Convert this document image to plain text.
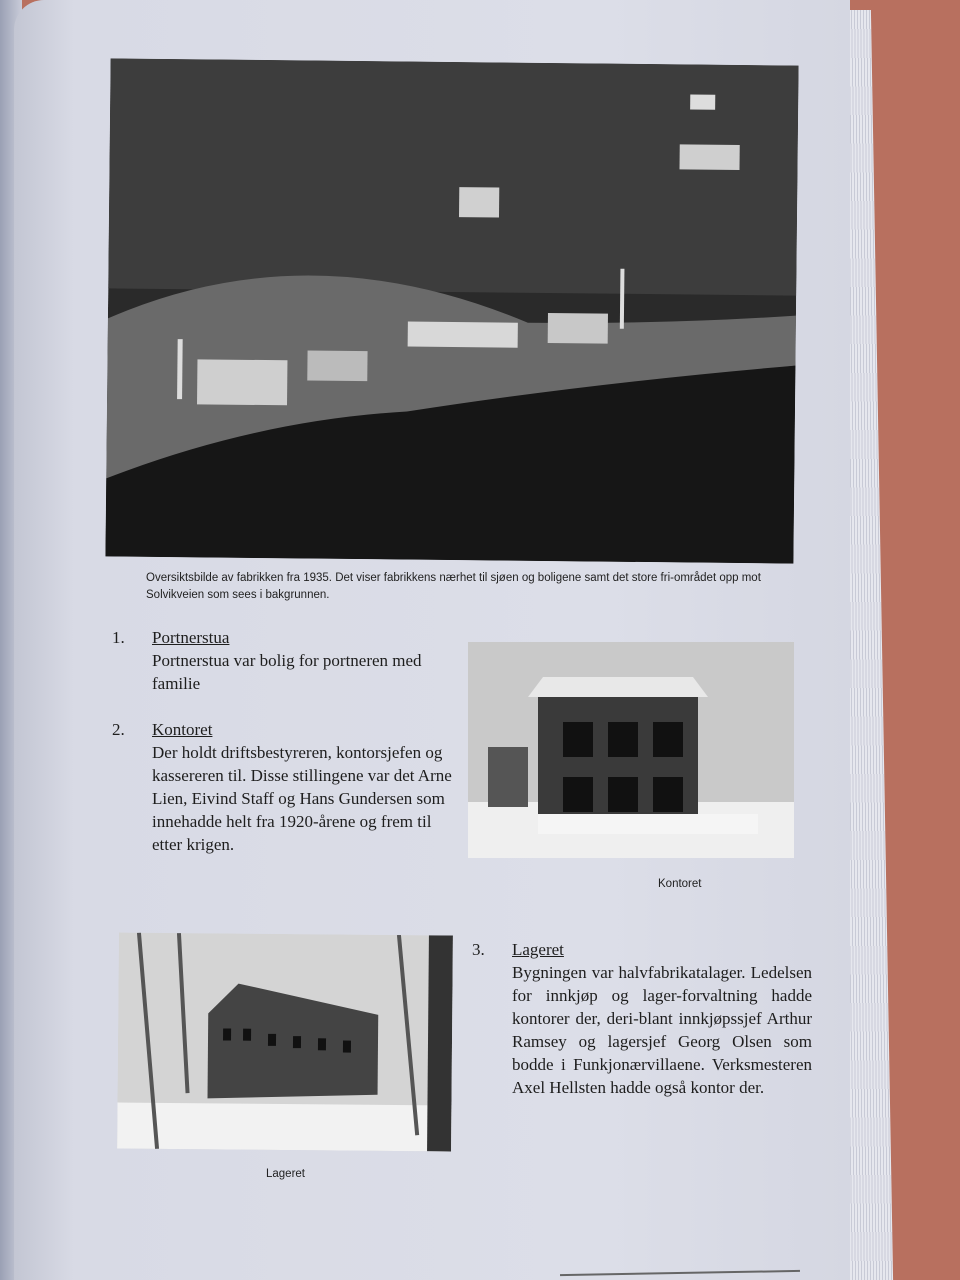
Oversiktsbilde av fabrikken fra 1935. Det viser fabrikkens nærhet til sjøen og boligene samt det store fri-området opp mot Solvikveien som sees i bakgrunnen.
1. Portnerstua
Portnerstua var bolig for portneren med familie
2. Kontoret
Der holdt driftsbestyreren, kontorsjefen og kassereren til. Disse stillingene var det Arne Lien, Eivind Staff og Hans Gundersen som innehadde helt fra 1920-årene og frem til etter krigen.
Kontoret
Lageret
3. Lageret
Bygningen var halvfabrikatalager. Ledelsen for innkjøp og lager-forvaltning hadde kontorer der, deri-blant innkjøpssjef Arthur Ramsey og lagersjef Georg Olsen som bodde i Funkjonærvillaene. Verksmesteren Axel Hellsten hadde også kontor der.
